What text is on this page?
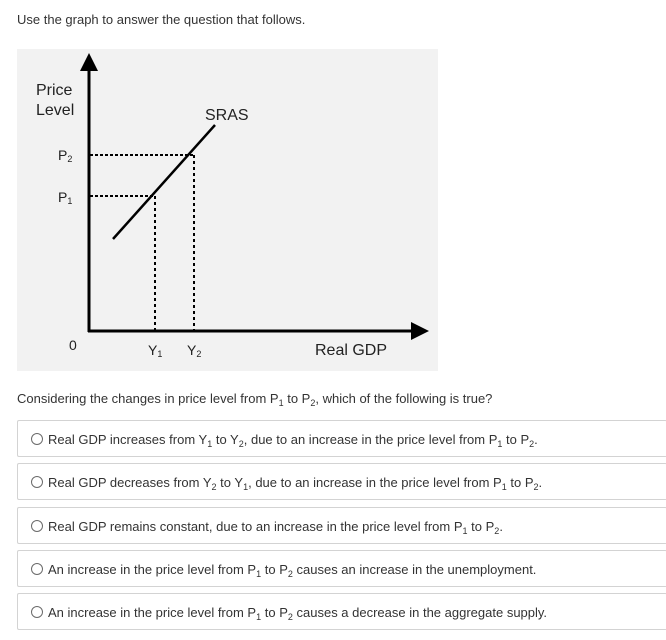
Use the graph to answer the question that follows.
Price
Level	SRAS
P2
P1
0	Y1 Y2	Real GDP
Considering the changes in price level from $P_1$ to $P_2$, which of the following is true?
Real GDP increases from $Y_1$ to $Y_2$, due to an increase in the price level from $P_1$ to $P_2$.
Real GDP decreases from $Y_2$ to $Y_1$, due to an increase in the price level from $P_1$ to $P_2$.
Real GDP remains constant, due to an increase in the price level from $P_1$ to $P_2$.
An increase in the price level from $P_1$ to $P_2$ causes an increase in the unemployment.
An increase in the price level from $P_1$ to $P_2$ causes a decrease in the aggregate supply.
